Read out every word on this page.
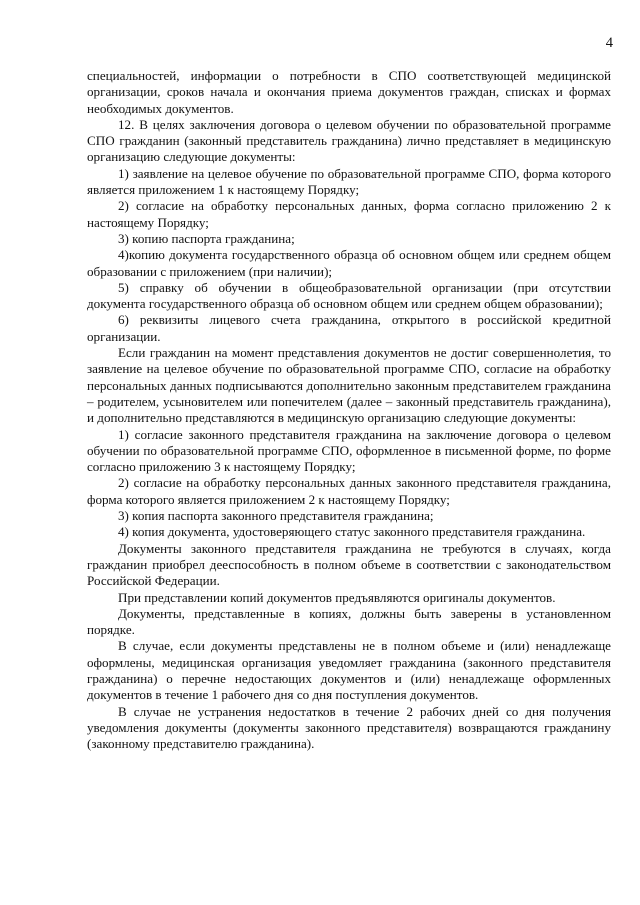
4

специальностей, информации о потребности в СПО соответствующей медицинской организации, сроков начала и окончания приема документов граждан, списках и формах необходимых документов.

12. В целях заключения договора о целевом обучении по образовательной программе СПО гражданин (законный представитель гражданина) лично представляет в медицинскую организацию следующие документы:

1) заявление на целевое обучение по образовательной программе СПО, форма которого является приложением 1 к настоящему Порядку;

2) согласие на обработку персональных данных, форма согласно приложению 2 к настоящему Порядку;

3) копию паспорта гражданина;

4)копию документа государственного образца об основном общем или среднем общем образовании с приложением (при наличии);

5) справку об обучении в общеобразовательной организации (при отсутствии документа государственного образца об основном общем или среднем общем образовании);

6) реквизиты лицевого счета гражданина, открытого в российской кредитной организации.

Если гражданин на момент представления документов не достиг совершеннолетия, то заявление на целевое обучение по образовательной программе СПО, согласие на обработку персональных данных подписываются дополнительно законным представителем гражданина – родителем, усыновителем или попечителем (далее – законный представитель гражданина), и дополнительно представляются в медицинскую организацию следующие документы:

1) согласие законного представителя гражданина на заключение договора о целевом обучении по образовательной программе СПО, оформленное в письменной форме, по форме согласно приложению 3 к настоящему Порядку;

2) согласие на обработку персональных данных законного представителя гражданина, форма которого является приложением 2 к настоящему Порядку;

3) копия паспорта законного представителя гражданина;

4) копия документа, удостоверяющего статус законного представителя гражданина.

Документы законного представителя гражданина не требуются в случаях, когда гражданин приобрел дееспособность в полном объеме в соответствии с законодательством Российской Федерации.

При представлении копий документов предъявляются оригиналы документов.

Документы, представленные в копиях, должны быть заверены в установленном порядке.

В случае, если документы представлены не в полном объеме и (или) ненадлежаще оформлены, медицинская организация уведомляет гражданина (законного представителя гражданина) о перечне недостающих документов и (или) ненадлежаще оформленных документов в течение 1 рабочего дня со дня поступления документов.

В случае не устранения недостатков в течение 2 рабочих дней со дня получения уведомления документы (документы законного представителя) возвращаются гражданину (законному представителю гражданина).
